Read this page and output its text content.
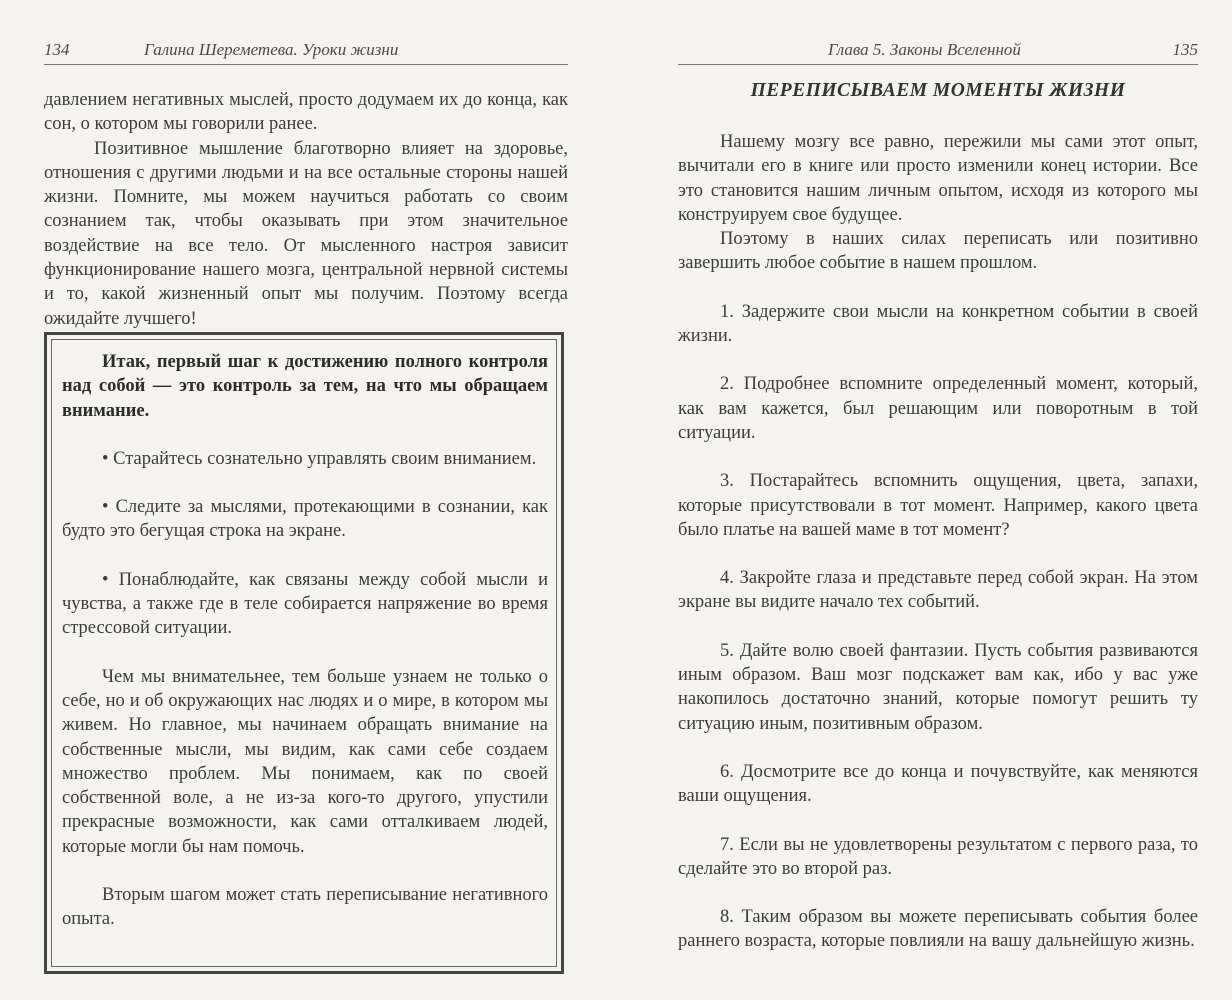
134	Галина Шереметева. Уроки жизни

давлением негативных мыслей, просто додумаем их до конца, как сон, о котором мы говорили ранее.

Позитивное мышление благотворно влияет на здоровье, отношения с другими людьми и на все остальные стороны нашей жизни. Помните, мы можем научиться работать со своим сознанием так, чтобы оказывать при этом значительное воздействие на все тело. От мысленного настроя зависит функционирование нашего мозга, центральной нервной системы и то, какой жизненный опыт мы получим. Поэтому всегда ожидайте лучшего!

Итак, первый шаг к достижению полного контроля над собой — это контроль за тем, на что мы обращаем внимание.

• Старайтесь сознательно управлять своим вниманием.

• Следите за мыслями, протекающими в сознании, как будто это бегущая строка на экране.

• Понаблюдайте, как связаны между собой мысли и чувства, а также где в теле собирается напряжение во время стрессовой ситуации.

Чем мы внимательнее, тем больше узнаем не только о себе, но и об окружающих нас людях и о мире, в котором мы живем. Но главное, мы начинаем обращать внимание на собственные мысли, мы видим, как сами себе создаем множество проблем. Мы понимаем, как по своей собственной воле, а не из-за кого-то другого, упустили прекрасные возможности, как сами отталкиваем людей, которые могли бы нам помочь.

Вторым шагом может стать переписывание негативного опыта.

Глава 5. Законы Вселенной	135
ПЕРЕПИСЫВАЕМ МОМЕНТЫ ЖИЗНИ

Нашему мозгу все равно, пережили мы сами этот опыт, вычитали его в книге или просто изменили конец истории. Все это становится нашим личным опытом, исходя из которого мы конструируем свое будущее.

Поэтому в наших силах переписать или позитивно завершить любое событие в нашем прошлом.

1. Задержите свои мысли на конкретном событии в своей жизни.

2. Подробнее вспомните определенный момент, который, как вам кажется, был решающим или поворотным в той ситуации.

3. Постарайтесь вспомнить ощущения, цвета, запахи, которые присутствовали в тот момент. Например, какого цвета было платье на вашей маме в тот момент?

4. Закройте глаза и представьте перед собой экран. На этом экране вы видите начало тех событий.

5. Дайте волю своей фантазии. Пусть события развиваются иным образом. Ваш мозг подскажет вам как, ибо у вас уже накопилось достаточно знаний, которые помогут решить ту ситуацию иным, позитивным образом.

6. Досмотрите все до конца и почувствуйте, как меняются ваши ощущения.

7. Если вы не удовлетворены результатом с первого раза, то сделайте это во второй раз.

8. Таким образом вы можете переписывать события более раннего возраста, которые повлияли на вашу дальнейшую жизнь.
